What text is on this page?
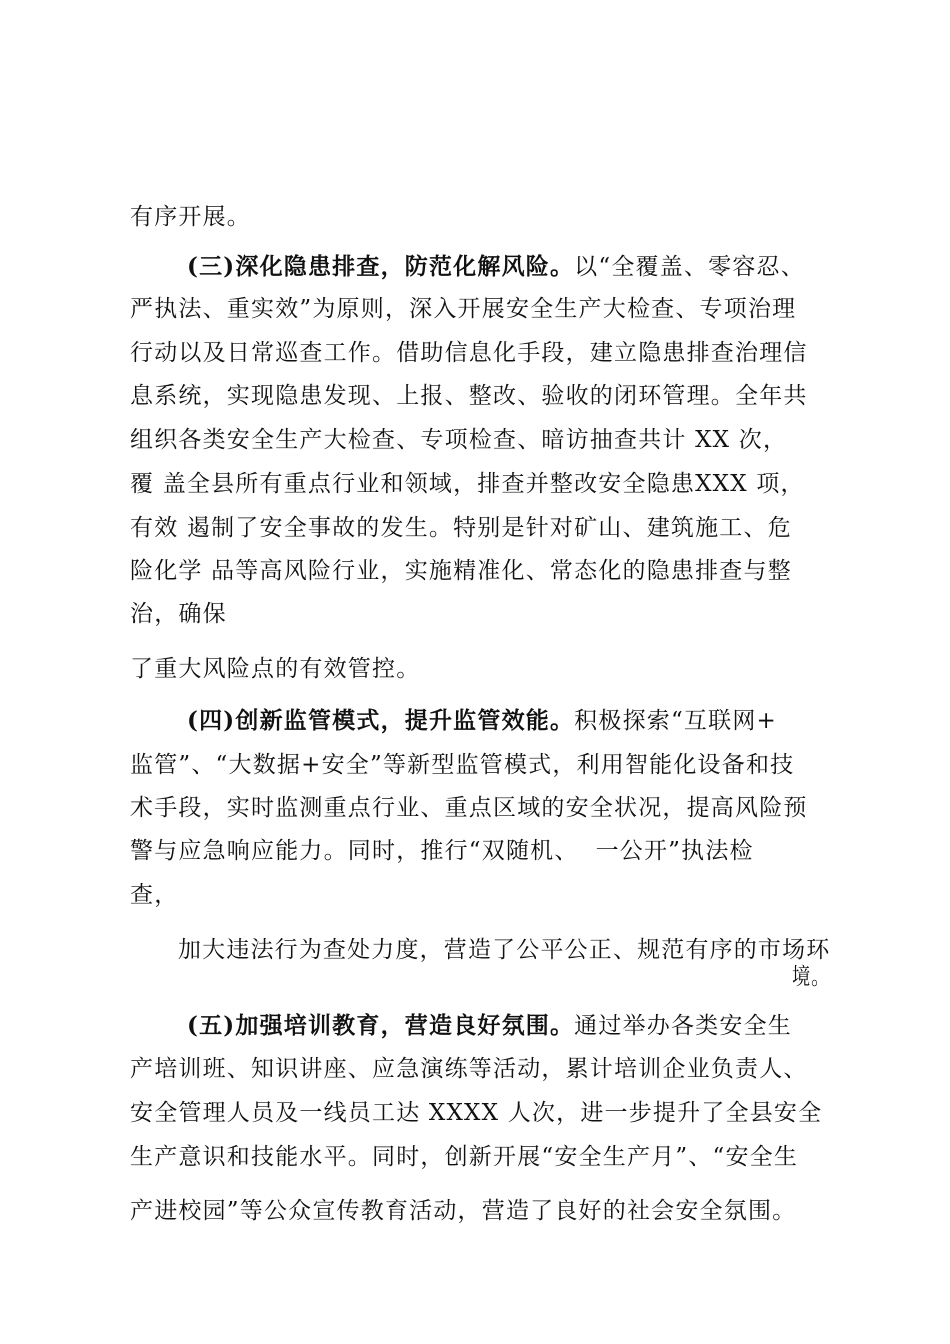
有序开展。
(三)深化隐患排查，防范化解风险。以“全覆盖、零容忍、
严执法、重实效”为原则，深入开展安全生产大检查、专项治理
行动以及日常巡查工作。借助信息化手段，建立隐患排查治理信
息系统，实现隐患发现、上报、整改、验收的闭环管理。全年共
组织各类安全生产大检查、专项检查、暗访抽查共计 XX 次，
覆 盖全县所有重点行业和领域，排查并整改安全隐患XXX 项，
有效 遏制了安全事故的发生。特别是针对矿山、建筑施工、危
险化学 品等高风险行业，实施精准化、常态化的隐患排查与整
治，确保
了重大风险点的有效管控。
(四)创新监管模式，提升监管效能。积极探索“互联网+
监管”、“大数据+安全”等新型监管模式，利用智能化设备和技
术手段，实时监测重点行业、重点区域的安全状况，提高风险预
警与应急响应能力。同时，推行“双随机、  一公开”执法检
查，
加大违法行为查处力度，营造了公平公正、规范有序的市场环
境。
(五)加强培训教育，营造良好氛围。通过举办各类安全生
产培训班、知识讲座、应急演练等活动，累计培训企业负责人、
安全管理人员及一线员工达 XXXX 人次，进一步提升了全县安全
生产意识和技能水平。同时，创新开展“安全生产月”、“安全生
产进校园”等公众宣传教育活动，营造了良好的社会安全氛围。
